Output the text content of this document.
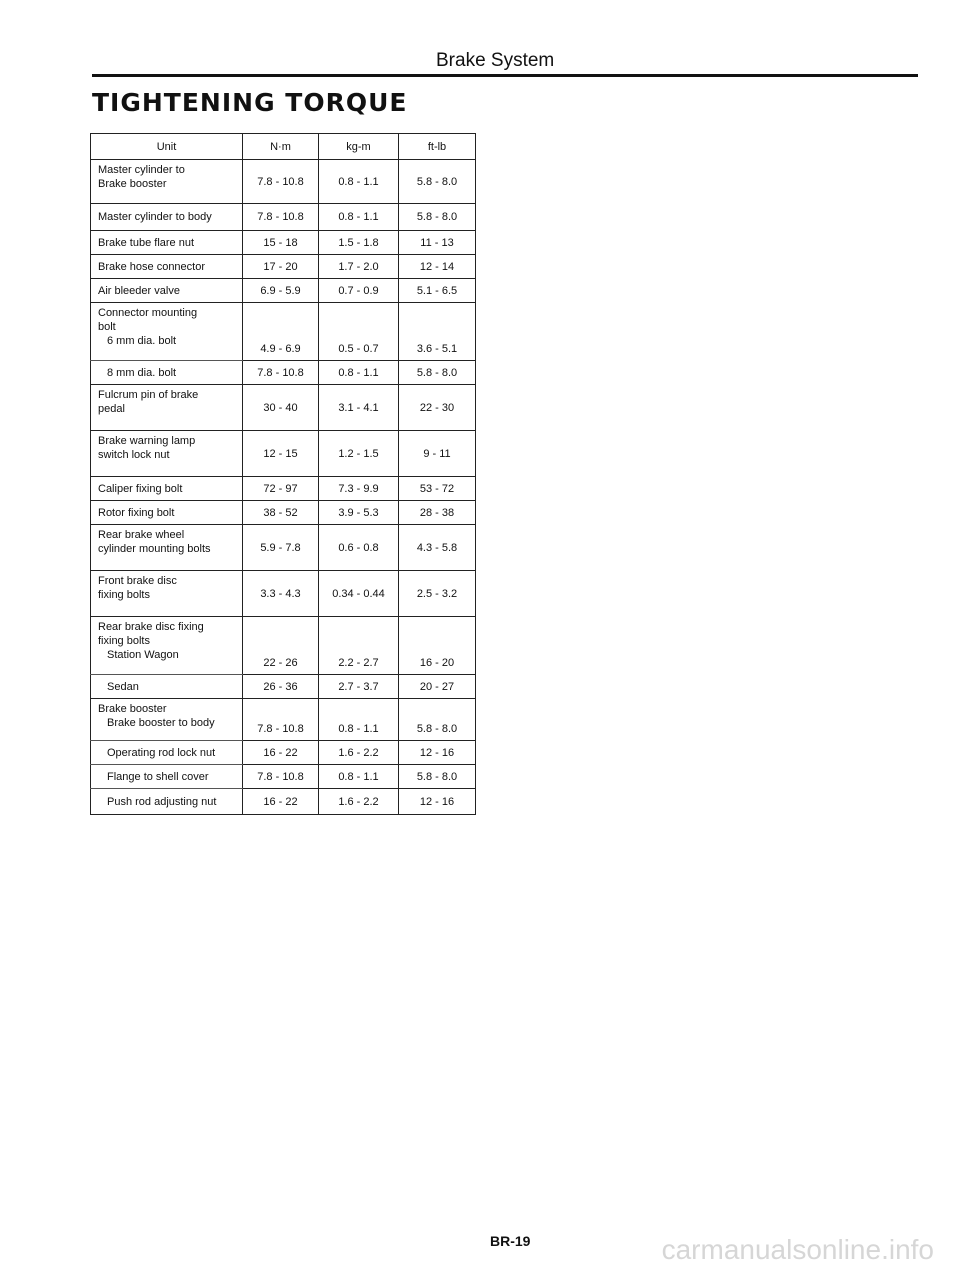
Brake System
TIGHTENING TORQUE
Unit	N·m	kg-m	ft-lb
Master cylinder to
Brake booster	7.8 - 10.8	0.8 - 1.1	5.8 - 8.0
Master cylinder to body	7.8 - 10.8	0.8 - 1.1	5.8 - 8.0
Brake tube flare nut	15 - 18	1.5 - 1.8	11 - 13
Brake hose connector	17 - 20	1.7 - 2.0	12 - 14
Air bleeder valve	6.9 - 5.9	0.7 - 0.9	5.1 - 6.5
Connector mounting
bolt
6 mm dia. bolt	4.9 - 6.9	0.5 - 0.7	3.6 - 5.1

8 mm dia. bolt	7.8 - 10.8	0.8 - 1.1	5.8 - 8.0
Fulcrum pin of brake
pedal	30 - 40	3.1 - 4.1	22 - 30
Brake warning lamp
switch lock nut	12 - 15	1.2 - 1.5	9 - 11
Caliper fixing bolt	72 - 97	7.3 - 9.9	53 - 72
Rotor fixing bolt	38 - 52	3.9 - 5.3	28 - 38
Rear brake wheel
cylinder mounting bolts	5.9 - 7.8	0.6 - 0.8	4.3 - 5.8
Front brake disc
fixing bolts	3.3 - 4.3	0.34 - 0.44	2.5 - 3.2
Rear brake disc fixing
fixing bolts
Station Wagon	22 - 26	2.2 - 2.7	16 - 20

Sedan	26 - 36	2.7 - 3.7	20 - 27
Brake booster
Brake booster to body	7.8 - 10.8	0.8 - 1.1	5.8 - 8.0

Operating rod lock nut	16 - 22	1.6 - 2.2	12 - 16

Flange to shell cover	7.8 - 10.8	0.8 - 1.1	5.8 - 8.0

Push rod adjusting nut	16 - 22	1.6 - 2.2	12 - 16
BR-19	carmanualsonline.info
